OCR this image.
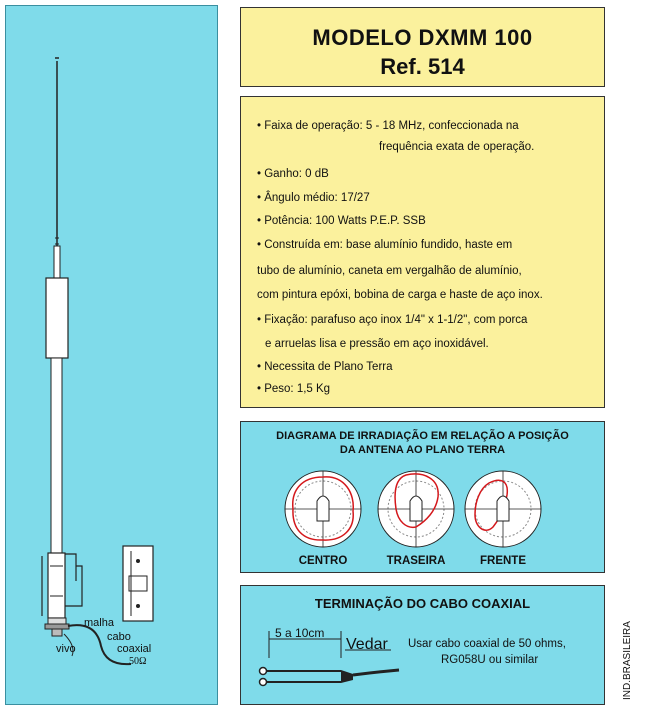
malha
cabo
coaxial
vivo
50Ω
MODELO DXMM 100
Ref. 514
• Faixa de operação: 5 - 18 MHz, confeccionada na
frequência exata de operação.
• Ganho: 0 dB
• Ângulo médio: 17/27
• Potência: 100 Watts P.E.P. SSB
• Construída em: base alumínio fundido, haste em
tubo de alumínio, caneta em vergalhão de alumínio,
com pintura epóxi, bobina de carga e haste de aço inox.
• Fixação: parafuso aço inox 1/4" x 1-1/2", com porca
e arruelas lisa e pressão em aço inoxidável.
• Necessita de Plano Terra
• Peso: 1,5 Kg
DIAGRAMA DE IRRADIAÇÃO EM RELAÇÃO A POSIÇÃO
DA ANTENA AO PLANO TERRA
CENTRO	TRASEIRA	FRENTE
TERMINAÇÃO DO CABO COAXIAL
5 a 10cm
Vedar Usar cabo coaxial de 50 ohms,
RG058U ou similar	IND.BRASILEIRA
